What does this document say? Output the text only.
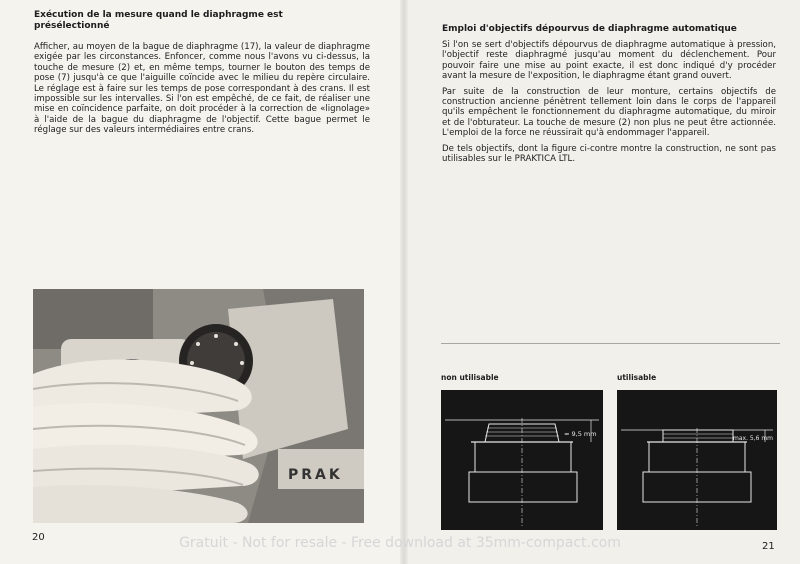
Exécution de la mesure quand le diaphragme est présélectionné

Afficher, au moyen de la bague de diaphragme (17), la valeur de diaphragme exigée par les circonstances. Enfoncer, comme nous l'avons vu ci-dessus, la touche de mesure (2) et, en même temps, tourner le bouton des temps de pose (7) jusqu'à ce que l'aiguille coïncide avec le milieu du repère circulaire. Le réglage est à faire sur les temps de pose correspondant à des crans. Il est impossible sur les intervalles. Si l'on est empêché, de ce fait, de réaliser une mise en coïncidence parfaite, on doit procéder à la correction de «lignolage» à l'aide de la bague du diaphragme de l'objectif. Cette bague permet le réglage sur des valeurs intermédiaires entre crans.

PRAK
20
Emploi d'objectifs dépourvus de diaphragme automatique

Si l'on se sert d'objectifs dépourvus de diaphragme automatique à pression, l'objectif reste diaphragmé jusqu'au moment du déclenchement. Pour pouvoir faire une mise au point exacte, il est donc indiqué d'y procéder avant la mesure de l'exposition, le diaphragme étant grand ouvert.

Par suite de la construction de leur monture, certains objectifs de construction ancienne pénètrent tellement loin dans le corps de l'appareil qu'ils empêchent le fonctionnement du diaphragme automatique, du miroir et de l'obturateur. La touche de mesure (2) non plus ne peut être actionnée. L'emploi de la force ne réussirait qu'à endommager l'appareil.

De tels objectifs, dont la figure ci-contre montre la construction, ne sont pas utilisables sur le PRAKTICA LTL.

non utilisable	utilisable
≈ 9,5 mm
max. 5,6 mm
21
Gratuit - Not for resale - Free download at 35mm-compact.com
